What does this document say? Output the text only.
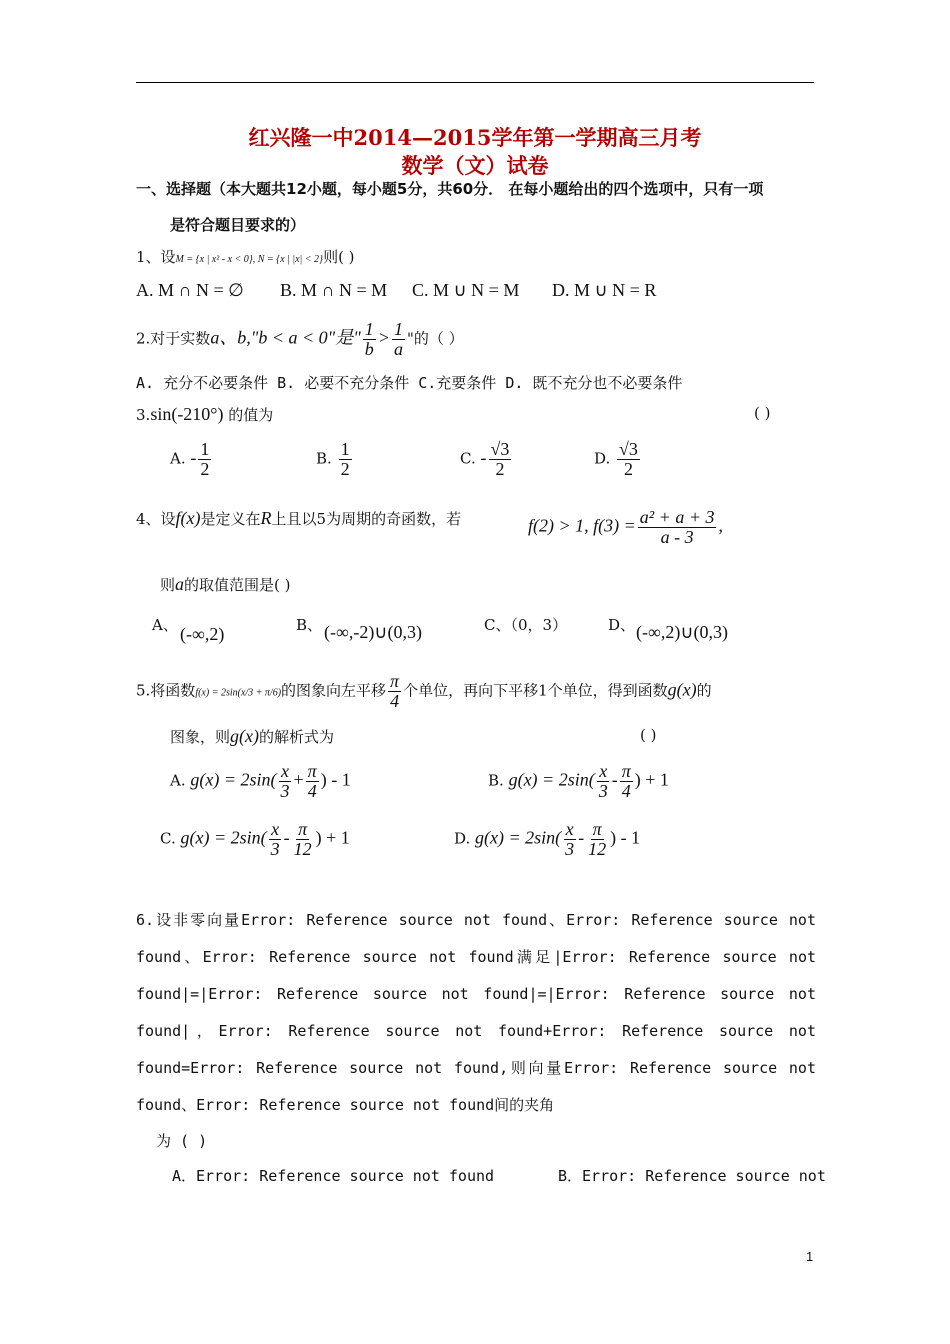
红兴隆一中2014—2015学年第一学期高三月考
数学（文）试卷
一、选择题（本大题共12小题，每小题5分，共60分． 在每小题给出的四个选项中，只有一项
是符合题目要求的）
1、设M = {x | x² - x < 0}, N = {x | |x| < 2}则( )
A. M ∩ N = ∅ B. M ∩ N = M C. M ∪ N = M D. M ∪ N = R
2.对于实数a、b,"b < a < 0"是" $\frac{1}{b} > \frac{1}{a}$ "的（ ）
A. 充分不必要条件 B. 必要不充分条件 C.充要条件 D. 既不充分也不必要条件
3.sin(-210°) 的值为	( )
A. - $\frac{1}{2}$	B. $\frac{1}{2}$	C. - $\frac{√3}{2}$	D. $\frac{√3}{2}$
4、设f(x)是定义在R上且以5为周期的奇函数，若	f(2) > 1, $f(3) = \frac{\text{a² + a + 3}}{a - 3}$ ,
则a的取值范围是( )
A、 (-∞,2)	B、 (-∞,-2)∪(0,3)	C、（0，3）	D、 (-∞,2)∪(0,3)
5.将函数f(x) = 2sin(x/3 + π/6)的图象向左平移 $\frac{\pi}{4}$ 个单位，再向下平移1个单位，得到函数g(x)的
图象，则g(x)的解析式为	( )
A. $g(x) = 2\sin( \frac{x}{3} + \frac{\pi}{4}$ ) - 1	B. $g(x) = 2\sin( \frac{x}{3} - \frac{\pi}{4}$ ) + 1
C. $g(x) = 2\sin( \frac{x}{3} - \frac{\pi}{12}$ ) + 1	D. $g(x) = 2\sin( \frac{x}{3} - \frac{\pi}{12}$ ) - 1
6.设非零向量Error: Reference source not found、Error: Reference source not found、Error: Reference source not found满足|Error: Reference source not found|=|Error: Reference source not found|=|Error: Reference source not found|，Error: Reference source not found+Error: Reference source not found=Error: Reference source not found,则向量Error: Reference source not found、Error: Reference source not found间的夹角
为 ( )
A．Error: Reference source not found	B．Error: Reference source not
1
